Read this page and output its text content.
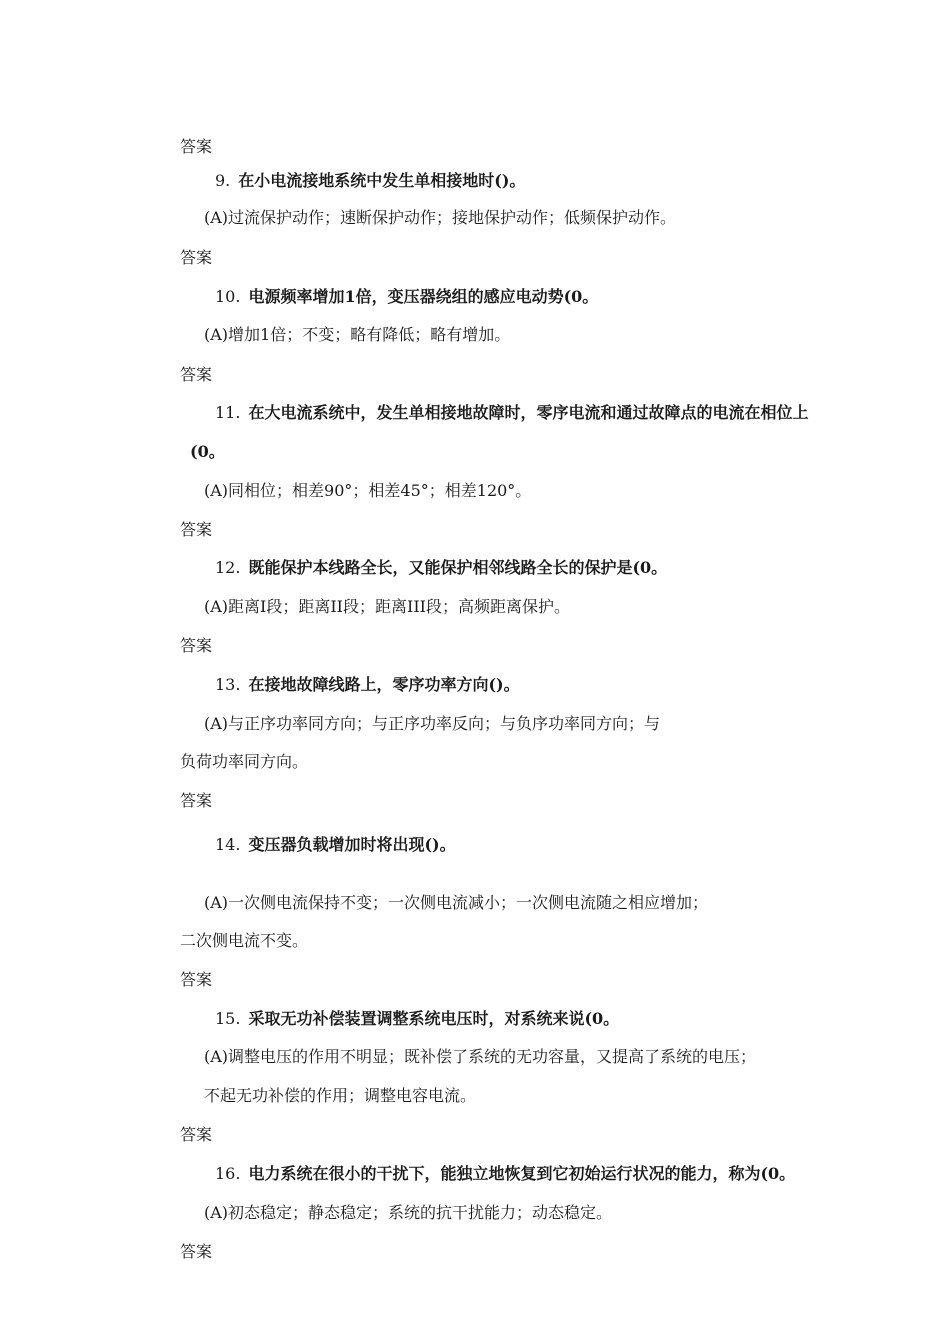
答案
9. 在小电流接地系统中发生单相接地时()。
(A)过流保护动作；速断保护动作；接地保护动作；低频保护动作。
答案
10. 电源频率增加1倍，变压器绕组的感应电动势(0。
(A)增加1倍；不变；略有降低；略有增加。
答案
11. 在大电流系统中，发生单相接地故障时，零序电流和通过故障点的电流在相位上
(0。
(A)同相位；相差90°；相差45°；相差120°。
答案
12. 既能保护本线路全长，又能保护相邻线路全长的保护是(0。
(A)距离I段；距离II段；距离III段；高频距离保护。
答案
13. 在接地故障线路上，零序功率方向()。
(A)与正序功率同方向；与正序功率反向；与负序功率同方向；与
负荷功率同方向。
答案
14. 变压器负载增加时将出现()。
(A)一次侧电流保持不变；一次侧电流减小；一次侧电流随之相应增加；
二次侧电流不变。
答案
15. 采取无功补偿装置调整系统电压时，对系统来说(0。
(A)调整电压的作用不明显；既补偿了系统的无功容量，又提高了系统的电压；
不起无功补偿的作用；调整电容电流。
答案
16. 电力系统在很小的干扰下，能独立地恢复到它初始运行状况的能力，称为(0。
(A)初态稳定；静态稳定；系统的抗干扰能力；动态稳定。
答案
